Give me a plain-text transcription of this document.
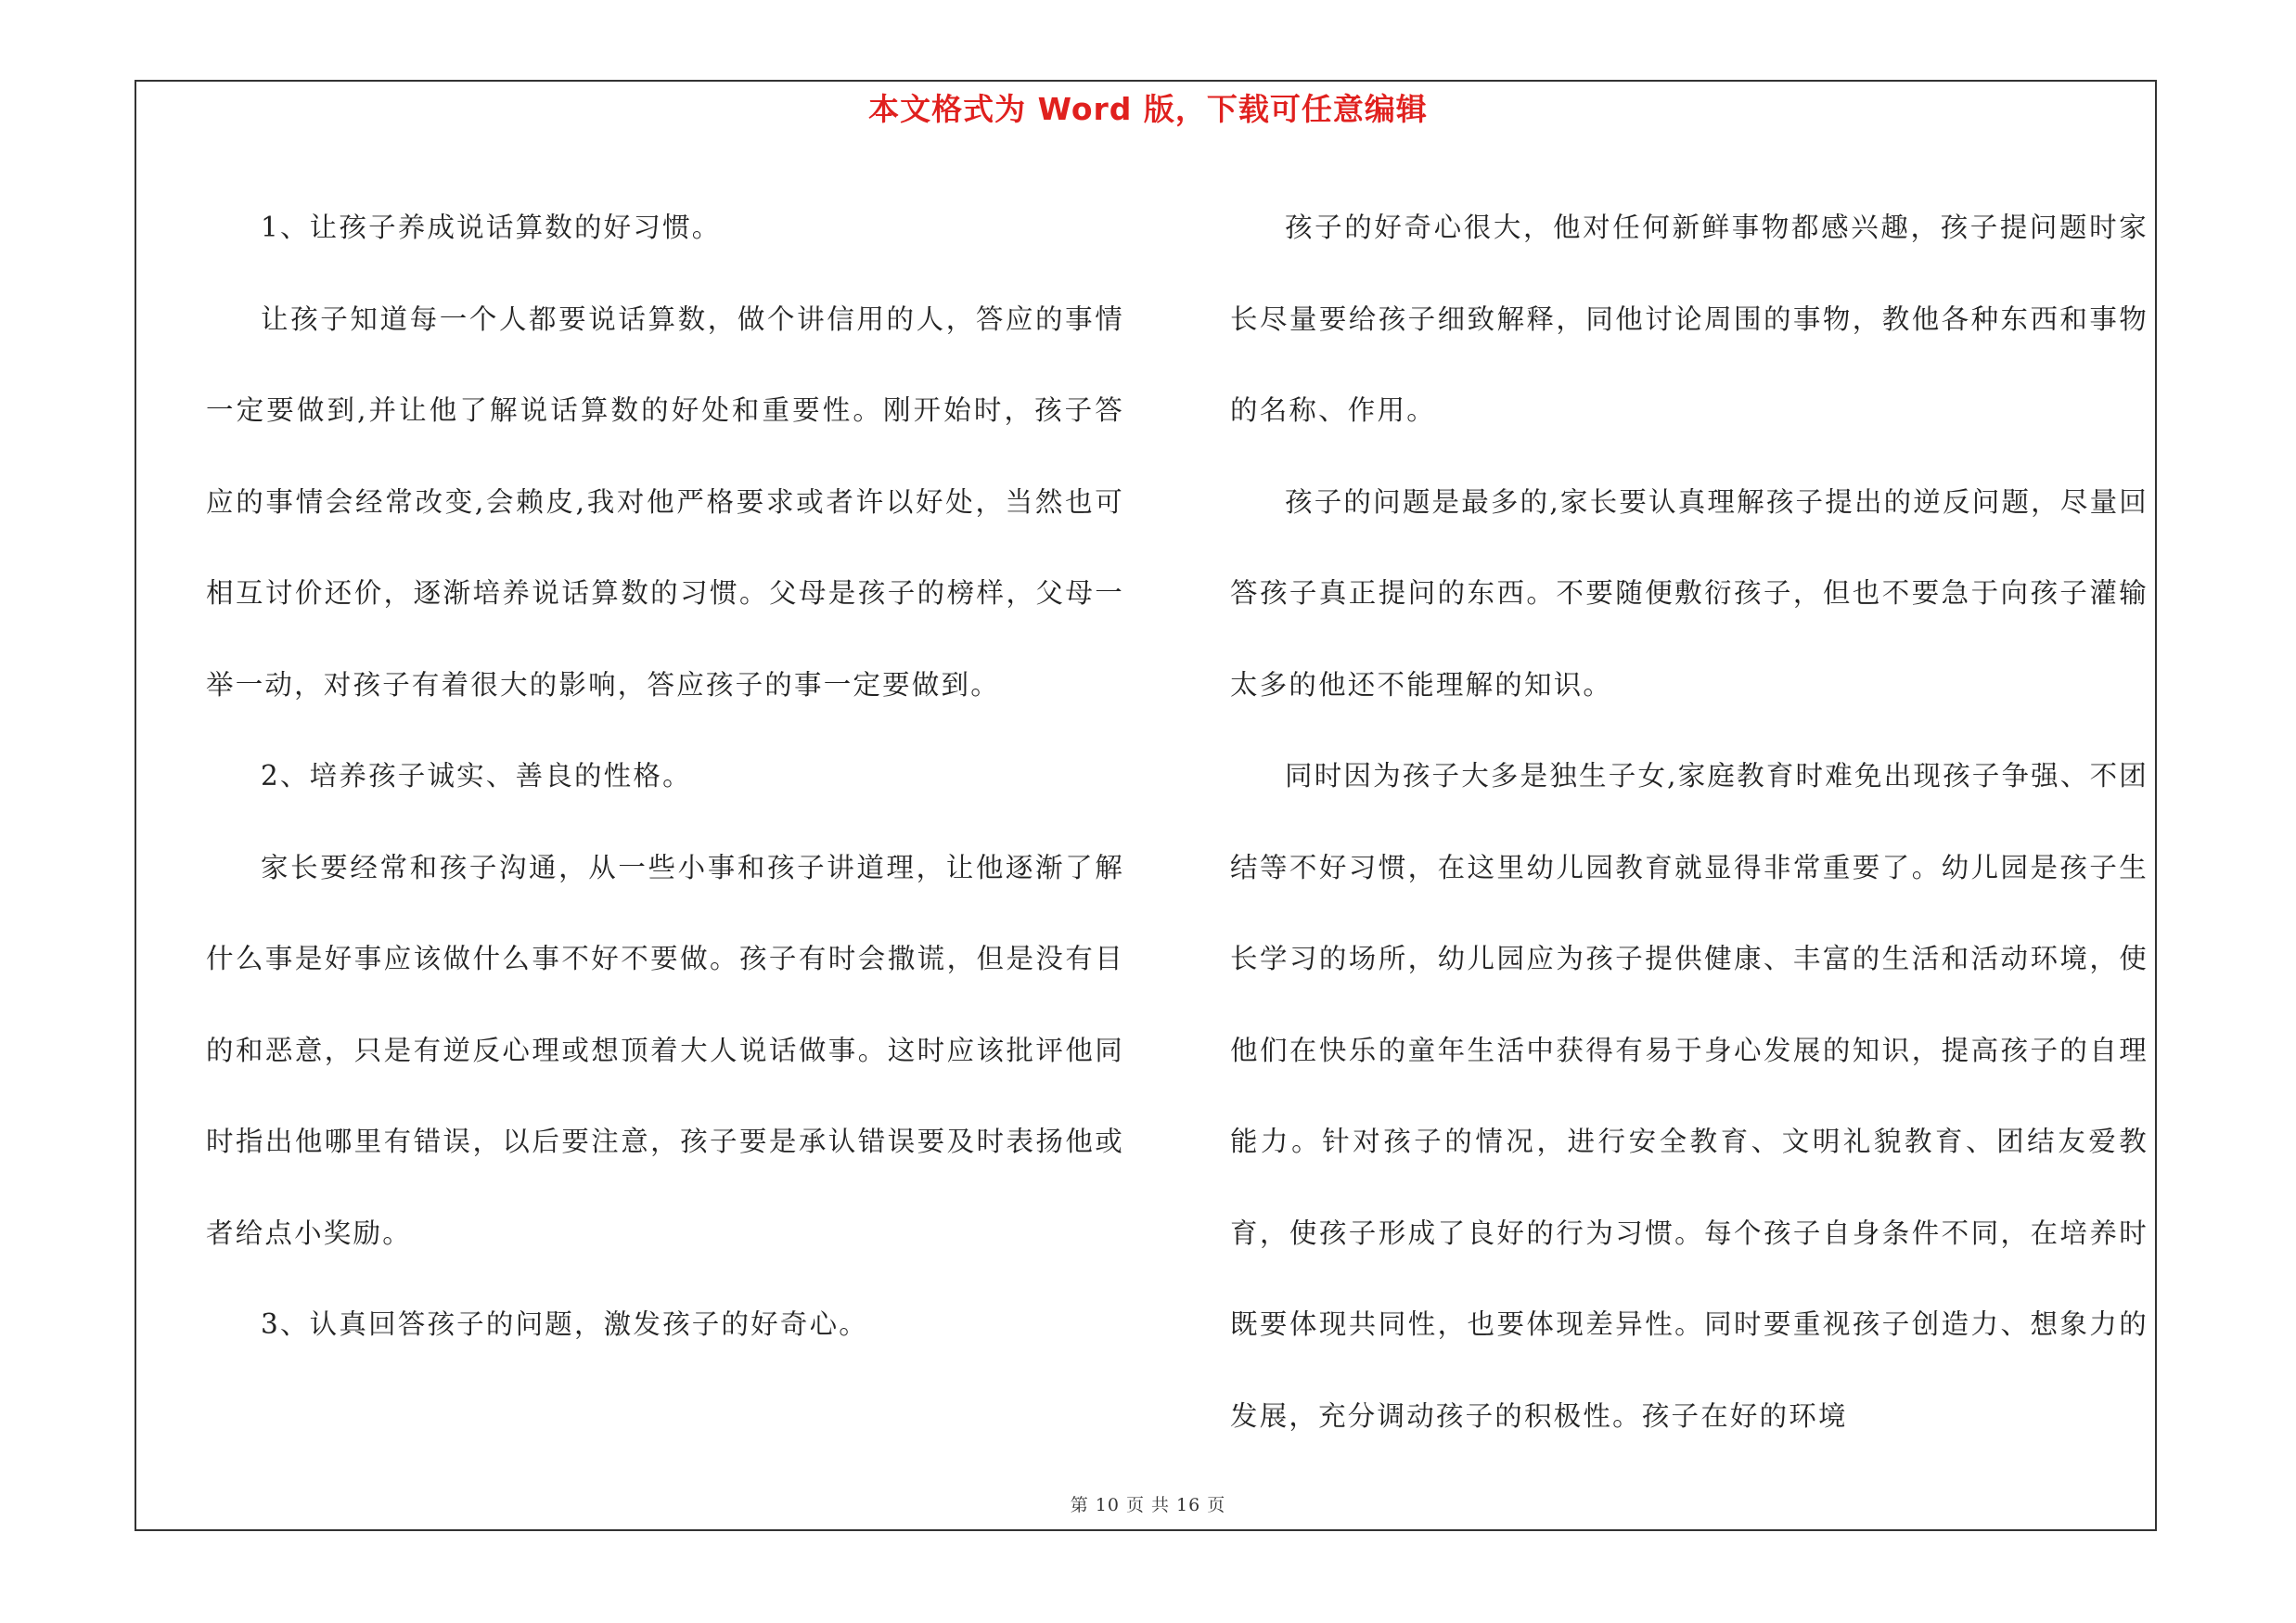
本文格式为 Word 版，下载可任意编辑

1、让孩子养成说话算数的好习惯。

让孩子知道每一个人都要说话算数，做个讲信用的人，答应的事情一定要做到,并让他了解说话算数的好处和重要性。刚开始时，孩子答应的事情会经常改变,会赖皮,我对他严格要求或者许以好处，当然也可相互讨价还价，逐渐培养说话算数的习惯。父母是孩子的榜样，父母一举一动，对孩子有着很大的影响，答应孩子的事一定要做到。

2、培养孩子诚实、善良的性格。

家长要经常和孩子沟通，从一些小事和孩子讲道理，让他逐渐了解什么事是好事应该做什么事不好不要做。孩子有时会撒谎，但是没有目的和恶意，只是有逆反心理或想顶着大人说话做事。这时应该批评他同时指出他哪里有错误，以后要注意，孩子要是承认错误要及时表扬他或者给点小奖励。

3、认真回答孩子的问题，激发孩子的好奇心。

孩子的好奇心很大，他对任何新鲜事物都感兴趣，孩子提问题时家长尽量要给孩子细致解释，同他讨论周围的事物，教他各种东西和事物的名称、作用。

孩子的问题是最多的,家长要认真理解孩子提出的逆反问题，尽量回答孩子真正提问的东西。不要随便敷衍孩子，但也不要急于向孩子灌输太多的他还不能理解的知识。

同时因为孩子大多是独生子女,家庭教育时难免出现孩子争强、不团结等不好习惯，在这里幼儿园教育就显得非常重要了。幼儿园是孩子生长学习的场所，幼儿园应为孩子提供健康、丰富的生活和活动环境，使他们在快乐的童年生活中获得有易于身心发展的知识，提高孩子的自理能力。针对孩子的情况，进行安全教育、文明礼貌教育、团结友爱教育，使孩子形成了良好的行为习惯。每个孩子自身条件不同，在培养时既要体现共同性，也要体现差异性。同时要重视孩子创造力、想象力的发展，充分调动孩子的积极性。孩子在好的环境

第 10 页 共 16 页
